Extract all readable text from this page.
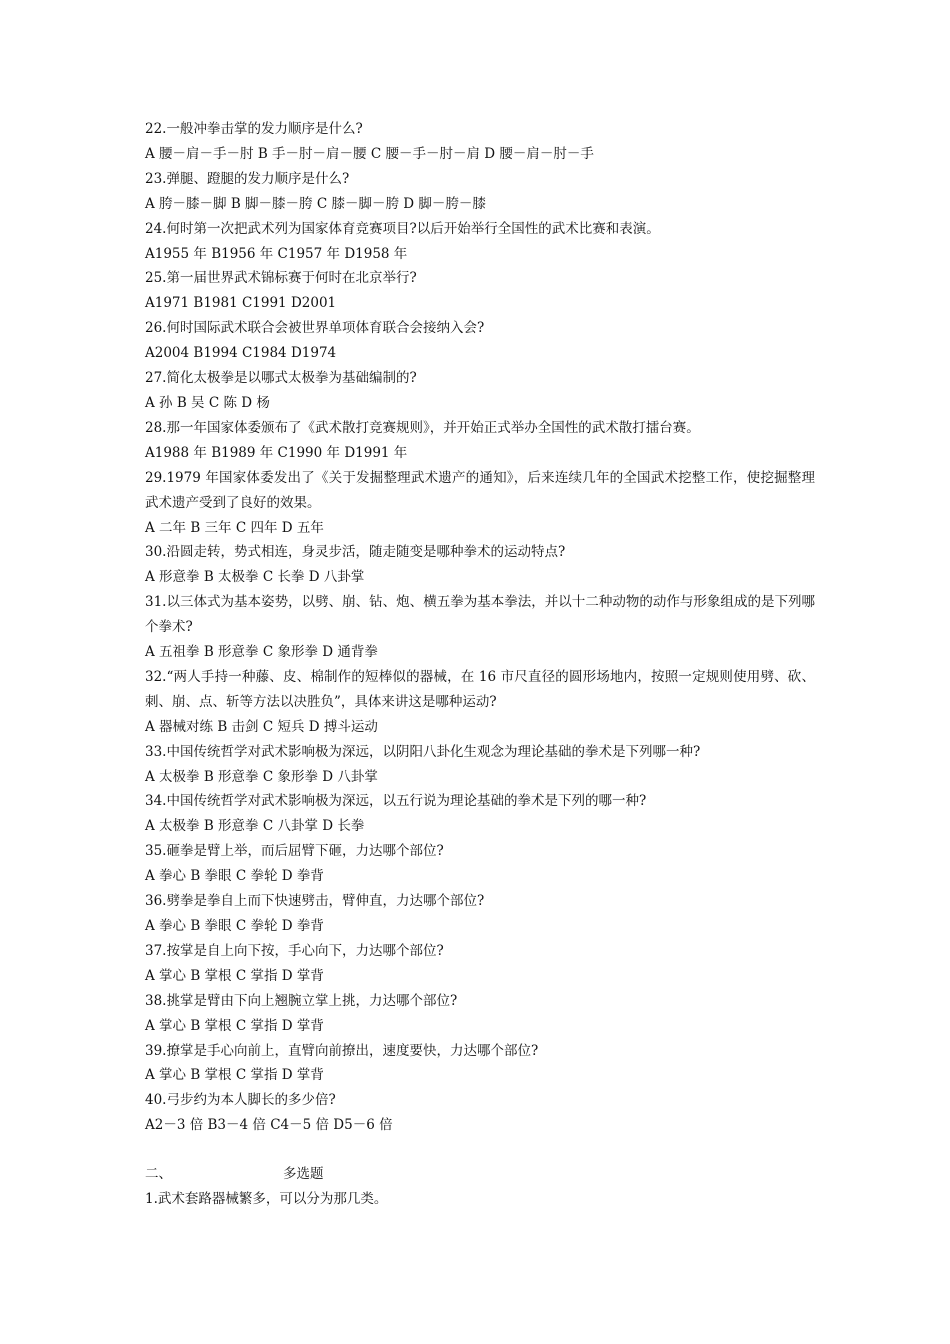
22.一般冲拳击掌的发力顺序是什么?

A 腰－肩－手－肘 B 手－肘－肩－腰 C 腰－手－肘－肩 D 腰－肩－肘－手

23.弹腿、蹬腿的发力顺序是什么?

A 胯－膝－脚 B 脚－膝－胯 C 膝－脚－胯 D 脚－胯－膝

24.何时第一次把武术列为国家体育竞赛项目?以后开始举行全国性的武术比赛和表演。

A1955 年 B1956 年 C1957 年 D1958 年

25.第一届世界武术锦标赛于何时在北京举行?

A1971 B1981 C1991 D2001

26.何时国际武术联合会被世界单项体育联合会接纳入会?

A2004 B1994 C1984 D1974

27.简化太极拳是以哪式太极拳为基础编制的?

A 孙 B 吴 C 陈 D 杨

28.那一年国家体委颁布了《武术散打竞赛规则》，并开始正式举办全国性的武术散打擂台赛。

A1988 年 B1989 年 C1990 年 D1991 年

29.1979 年国家体委发出了《关于发掘整理武术遗产的通知》，后来连续几年的全国武术挖整工作，使挖掘整理武术遗产受到了良好的效果。

A 二年 B 三年 C 四年 D 五年

30.沿圆走转，势式相连，身灵步活，随走随变是哪种拳术的运动特点?

A 形意拳 B 太极拳 C 长拳 D 八卦掌

31.以三体式为基本姿势，以劈、崩、钻、炮、横五拳为基本拳法，并以十二种动物的动作与形象组成的是下列哪个拳术?

A 五祖拳 B 形意拳 C 象形拳 D 通背拳

32.“两人手持一种藤、皮、棉制作的短棒似的器械，在 16 市尺直径的圆形场地内，按照一定规则使用劈、砍、刺、崩、点、斩等方法以决胜负”，具体来讲这是哪种运动?

A 器械对练 B 击剑 C 短兵 D 搏斗运动

33.中国传统哲学对武术影响极为深远，以阴阳八卦化生观念为理论基础的拳术是下列哪一种?

A 太极拳 B 形意拳 C 象形拳 D 八卦掌

34.中国传统哲学对武术影响极为深远，以五行说为理论基础的拳术是下列的哪一种?

A 太极拳 B 形意拳 C 八卦掌 D 长拳

35.砸拳是臂上举，而后屈臂下砸，力达哪个部位?

A 拳心 B 拳眼 C 拳轮 D 拳背

36.劈拳是拳自上而下快速劈击，臂伸直，力达哪个部位?

A 拳心 B 拳眼 C 拳轮 D 拳背

37.按掌是自上向下按，手心向下，力达哪个部位?

A 掌心 B 掌根 C 掌指 D 掌背

38.挑掌是臂由下向上翘腕立掌上挑，力达哪个部位?

A 掌心 B 掌根 C 掌指 D 掌背

39.撩掌是手心向前上，直臂向前撩出，速度要快，力达哪个部位?

A 掌心 B 掌根 C 掌指 D 掌背

40.弓步约为本人脚长的多少倍?

A2－3 倍 B3－4 倍 C4－5 倍 D5－6 倍

二、	多选题

1.武术套路器械繁多，可以分为那几类。
